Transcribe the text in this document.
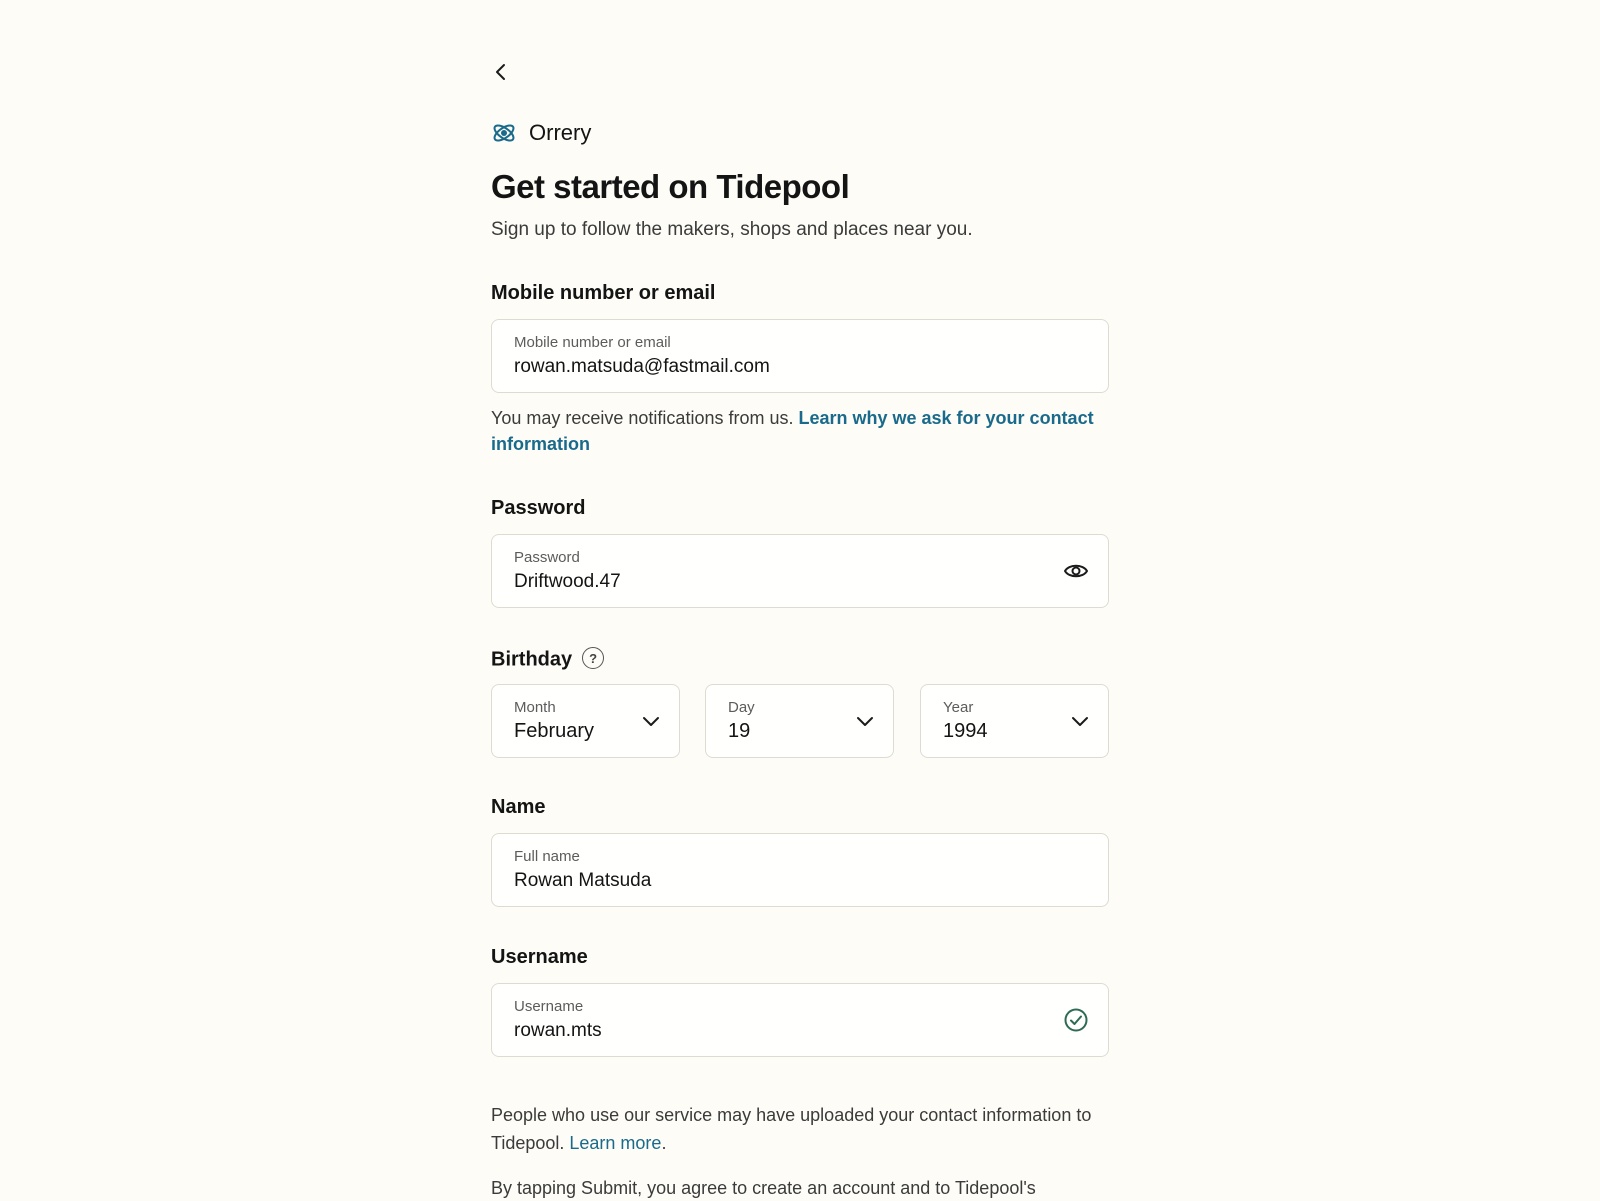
Orrery
Get started on Tidepool
Sign up to follow the makers, shops and places near you.
Mobile number or email
Mobile number or email
rowan.matsuda@fastmail.com
You may receive notifications from us. Learn why we ask for your contact information
Password
Password
Driftwood.47
Birthday ?
Month
February
Day
19
Year
1994
Name
Full name
Rowan Matsuda
Username
Username
rowan.mts
People who use our service may have uploaded your contact information to Tidepool. Learn more.
By tapping Submit, you agree to create an account and to Tidepool's
